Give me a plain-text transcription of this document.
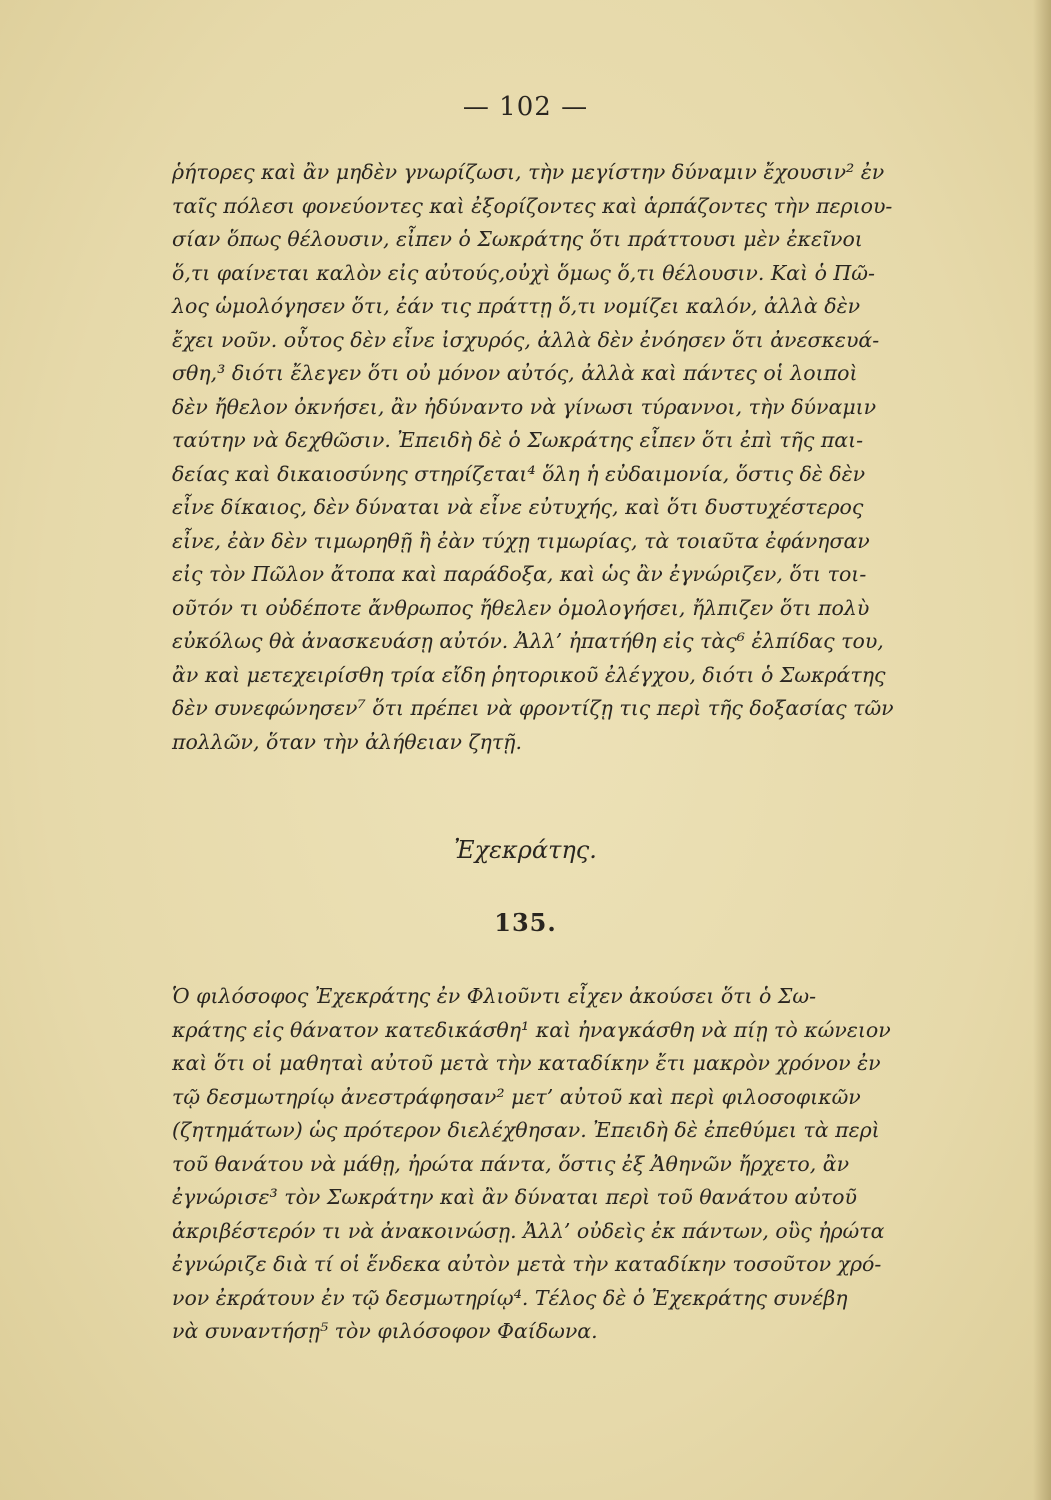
— 102 —
ῥήτορες καὶ ἂν μηδὲν γνωρίζωσι, τὴν μεγίστην δύναμιν ἔχουσιν² ἐν
ταῖς πόλεσι φονεύοντες καὶ ἐξορίζοντες καὶ ἁρπάζοντες τὴν περιου-
σίαν ὅπως θέλουσιν, εἶπεν ὁ Σωκράτης ὅτι πράττουσι μὲν ἐκεῖνοι
ὅ,τι φαίνεται καλὸν εἰς αὐτούς,οὐχὶ ὅμως ὅ,τι θέλουσιν. Καὶ ὁ Πῶ-
λος ὡμολόγησεν ὅτι, ἐάν τις πράττῃ ὅ,τι νομίζει καλόν, ἀλλὰ δὲν
ἔχει νοῦν. οὗτος δὲν εἶνε ἰσχυρός, ἀλλὰ δὲν ἐνόησεν ὅτι ἀνεσκευά-
σθη,³ διότι ἔλεγεν ὅτι οὐ μόνον αὐτός, ἀλλὰ καὶ πάντες οἱ λοιποὶ
δὲν ἤθελον ὀκνήσει, ἂν ἠδύναντο νὰ γίνωσι τύραννοι, τὴν δύναμιν
ταύτην νὰ δεχθῶσιν. Ἐπειδὴ δὲ ὁ Σωκράτης εἶπεν ὅτι ἐπὶ τῆς παι-
δείας καὶ δικαιοσύνης στηρίζεται⁴ ὅλη ἡ εὐδαιμονία, ὅστις δὲ δὲν
εἶνε δίκαιος, δὲν δύναται νὰ εἶνε εὐτυχής, καὶ ὅτι δυστυχέστερος
εἶνε, ἐὰν δὲν τιμωρηθῇ ἢ ἐὰν τύχῃ τιμωρίας, τὰ τοιαῦτα ἐφάνησαν
εἰς τὸν Πῶλον ἄτοπα καὶ παράδοξα, καὶ ὡς ἂν ἐγνώριζεν, ὅτι τοι-
οῦτόν τι οὐδέποτε ἄνθρωπος ἤθελεν ὁμολογήσει, ἤλπιζεν ὅτι πολὺ
εὐκόλως θὰ ἀνασκευάσῃ αὐτόν. Ἀλλ’ ἠπατήθη εἰς τὰς⁶ ἐλπίδας του,
ἂν καὶ μετεχειρίσθη τρία εἴδη ῥητορικοῦ ἐλέγχου, διότι ὁ Σωκράτης
δὲν συνεφώνησεν⁷ ὅτι πρέπει νὰ φροντίζῃ τις περὶ τῆς δοξασίας τῶν
πολλῶν, ὅταν τὴν ἀλήθειαν ζητῇ.
Ἐχεκράτης.
135.
Ὁ φιλόσοφος Ἐχεκράτης ἐν Φλιοῦντι εἶχεν ἀκούσει ὅτι ὁ Σω-
κράτης εἰς θάνατον κατεδικάσθη¹ καὶ ἠναγκάσθη νὰ πίῃ τὸ κώνειον
καὶ ὅτι οἱ μαθηταὶ αὐτοῦ μετὰ τὴν καταδίκην ἔτι μακρὸν χρόνον ἐν
τῷ δεσμωτηρίῳ ἀνεστράφησαν² μετ’ αὐτοῦ καὶ περὶ φιλοσοφικῶν
(ζητημάτων) ὡς πρότερον διελέχθησαν. Ἐπειδὴ δὲ ἐπεθύμει τὰ περὶ
τοῦ θανάτου νὰ μάθῃ, ἠρώτα πάντα, ὅστις ἐξ Ἀθηνῶν ἤρχετο, ἂν
ἐγνώρισε³ τὸν Σωκράτην καὶ ἂν δύναται περὶ τοῦ θανάτου αὐτοῦ
ἀκριβέστερόν τι νὰ ἀνακοινώσῃ. Ἀλλ’ οὐδεὶς ἐκ πάντων, οὓς ἠρώτα
ἐγνώριζε διὰ τί οἱ ἕνδεκα αὐτὸν μετὰ τὴν καταδίκην τοσοῦτον χρό-
νον ἐκράτουν ἐν τῷ δεσμωτηρίῳ⁴. Τέλος δὲ ὁ Ἐχεκράτης συνέβη
νὰ συναντήσῃ⁵ τὸν φιλόσοφον Φαίδωνα.
